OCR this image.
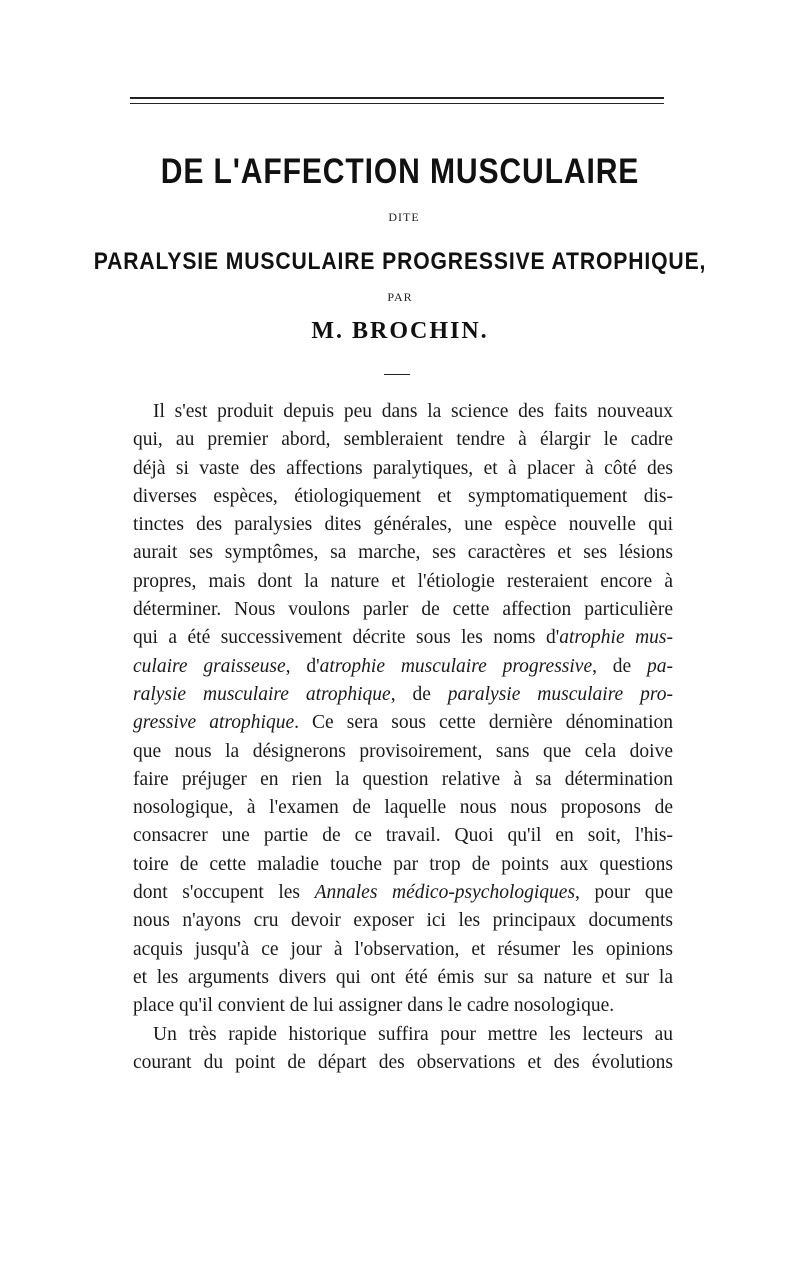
DE L'AFFECTION MUSCULAIRE
DITE
PARALYSIE MUSCULAIRE PROGRESSIVE ATROPHIQUE,
PAR
M. BROCHIN.
Il s'est produit depuis peu dans la science des faits nouveaux
qui, au premier abord, sembleraient tendre à élargir le cadre
déjà si vaste des affections paralytiques, et à placer à côté des
diverses espèces, étiologiquement et symptomatiquement dis-
tinctes des paralysies dites générales, une espèce nouvelle qui
aurait ses symptômes, sa marche, ses caractères et ses lésions
propres, mais dont la nature et l'étiologie resteraient encore à
déterminer. Nous voulons parler de cette affection particulière
qui a été successivement décrite sous les noms d'atrophie mus-
culaire graisseuse, d'atrophie musculaire progressive, de pa-
ralysie musculaire atrophique, de paralysie musculaire pro-
gressive atrophique. Ce sera sous cette dernière dénomination
que nous la désignerons provisoirement, sans que cela doive
faire préjuger en rien la question relative à sa détermination
nosologique, à l'examen de laquelle nous nous proposons de
consacrer une partie de ce travail. Quoi qu'il en soit, l'his-
toire de cette maladie touche par trop de points aux questions
dont s'occupent les Annales médico-psychologiques, pour que
nous n'ayons cru devoir exposer ici les principaux documents
acquis jusqu'à ce jour à l'observation, et résumer les opinions
et les arguments divers qui ont été émis sur sa nature et sur la
place qu'il convient de lui assigner dans le cadre nosologique.
Un très rapide historique suffira pour mettre les lecteurs au
courant du point de départ des observations et des évolutions
